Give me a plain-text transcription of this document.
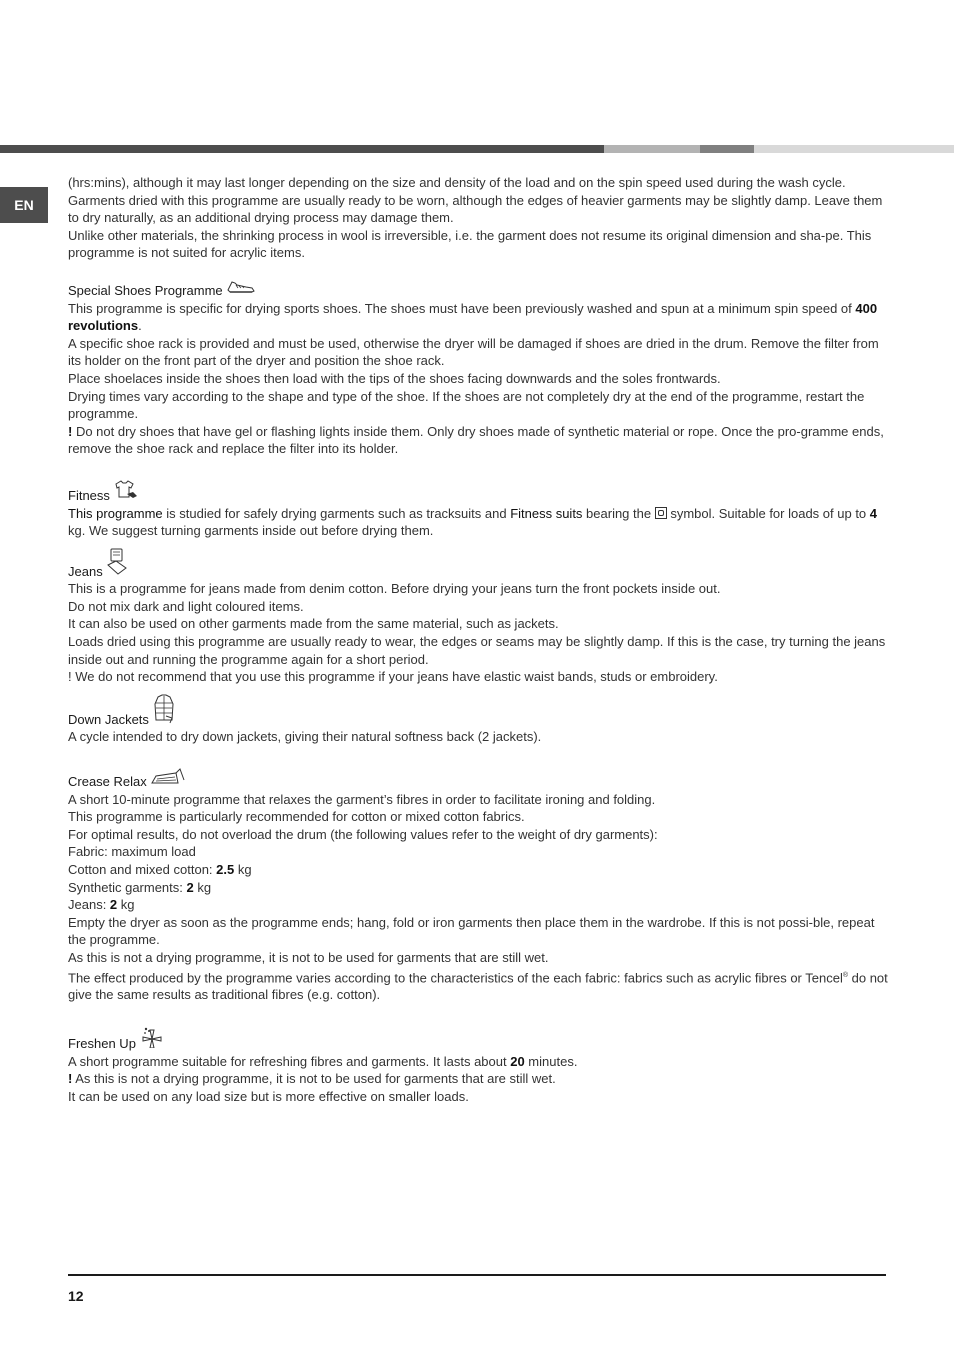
EN

(hrs:mins), although it may last longer depending on the size and density of the load and on the spin speed used during the wash cycle. Garments dried with this programme are usually ready to be worn, although the edges of heavier garments may be slightly damp. Leave them to dry naturally, as an additional drying process may damage them.

Unlike other materials, the shrinking process in wool is irreversible, i.e. the garment does not resume its original dimension and sha-pe. This programme is not suited for acrylic items.

Special Shoes Programme

This programme is specific for drying sports shoes. The shoes must have been previously washed and spun at a minimum spin speed of 400 revolutions.

A specific shoe rack is provided and must be used, otherwise the dryer will be damaged if shoes are dried in the drum. Remove the filter from its holder on the front part of the dryer and position the shoe rack.

Place shoelaces inside the shoes then load with the tips of the shoes facing downwards and the soles frontwards.

Drying times vary according to the shape and type of the shoe. If the shoes are not completely dry at the end of the programme, restart the programme.

! Do not dry shoes that have gel or flashing lights inside them. Only dry shoes made of synthetic material or rope. Once the pro-gramme ends, remove the shoe rack and replace the filter into its holder.

Fitness

This programme is studied for safely drying garments such as tracksuits and Fitness suits bearing the  symbol. Suitable for loads of up to 4 kg. We suggest turning garments inside out before drying them.

Jeans

This is a programme for jeans made from denim cotton. Before drying your jeans turn the front pockets inside out.

Do not mix dark and light coloured items.

It can also be used on other garments made from the same material, such as jackets.

Loads dried using this programme are usually ready to wear, the edges or seams may be slightly damp. If this is the case, try turning the jeans inside out and running the programme again for a short period.

! We do not recommend that you use this programme if your jeans have elastic waist bands, studs or embroidery.

Down Jackets

A cycle intended to dry down jackets, giving their natural softness back (2 jackets).

Crease Relax

A short 10-minute programme that relaxes the garment’s fibres in order to facilitate ironing and folding.

This programme is particularly recommended for cotton or mixed cotton fabrics.

For optimal results, do not overload the drum (the following values refer to the weight of dry garments):

Fabric: maximum load

Cotton and mixed cotton: 2.5 kg

Synthetic garments: 2 kg

Jeans: 2 kg

Empty the dryer as soon as the programme ends; hang, fold or iron garments then place them in the wardrobe. If this is not possi-ble, repeat the programme.

As this is not a drying programme, it is not to be used for garments that are still wet.

The effect produced by the programme varies according to the characteristics of the each fabric: fabrics such as acrylic fibres or Tencel® do not give the same results as traditional fibres (e.g. cotton).

Freshen Up

A short programme suitable for refreshing fibres and garments. It lasts about 20 minutes.

! As this is not a drying programme, it is not to be used for garments that are still wet.

It can be used on any load size but is more effective on smaller loads.

12
